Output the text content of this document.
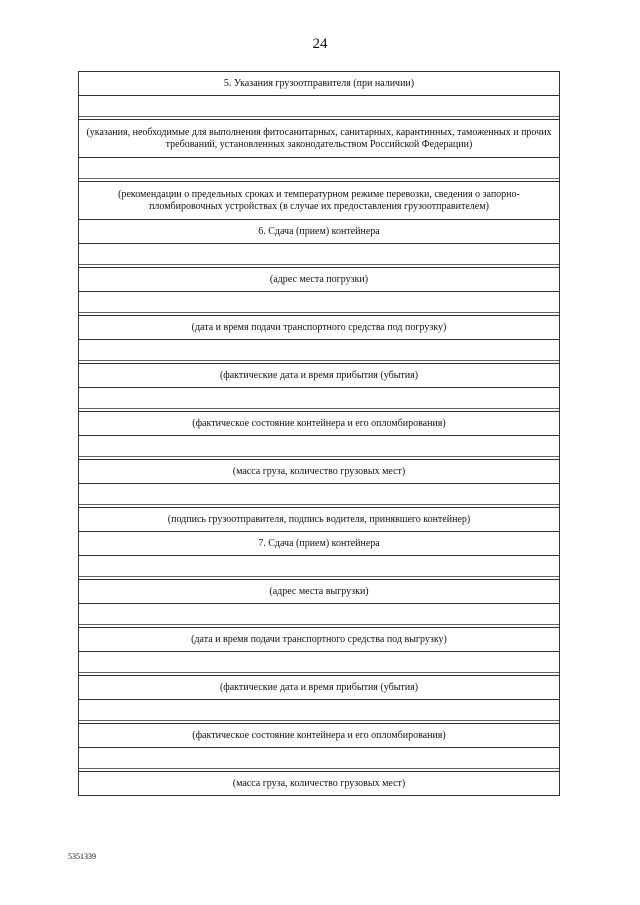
24
5. Указания грузоотправителя (при наличии)

(указания, необходимые для выполнения фитосанитарных, санитарных, карантинных, таможенных и прочих требований, установленных законодательством Российской Федерации)

(рекомендации о предельных сроках и температурном режиме перевозки, сведения о запорно-пломбировочных устройствах (в случае их предоставления грузоотправителем)
6. Сдача (прием) контейнера

(адрес места погрузки)

(дата и время подачи транспортного средства под погрузку)

(фактические дата и время прибытия (убытия)

(фактическое состояние контейнера и его опломбирования)

(масса груза, количество грузовых мест)

(подпись грузоотправителя, подпись водителя, принявшего контейнер)
7. Сдача (прием) контейнера

(адрес места выгрузки)

(дата и время подачи транспортного средства под выгрузку)

(фактические дата и время прибытия (убытия)

(фактическое состояние контейнера и его опломбирования)

(масса груза, количество грузовых мест)
5351339
